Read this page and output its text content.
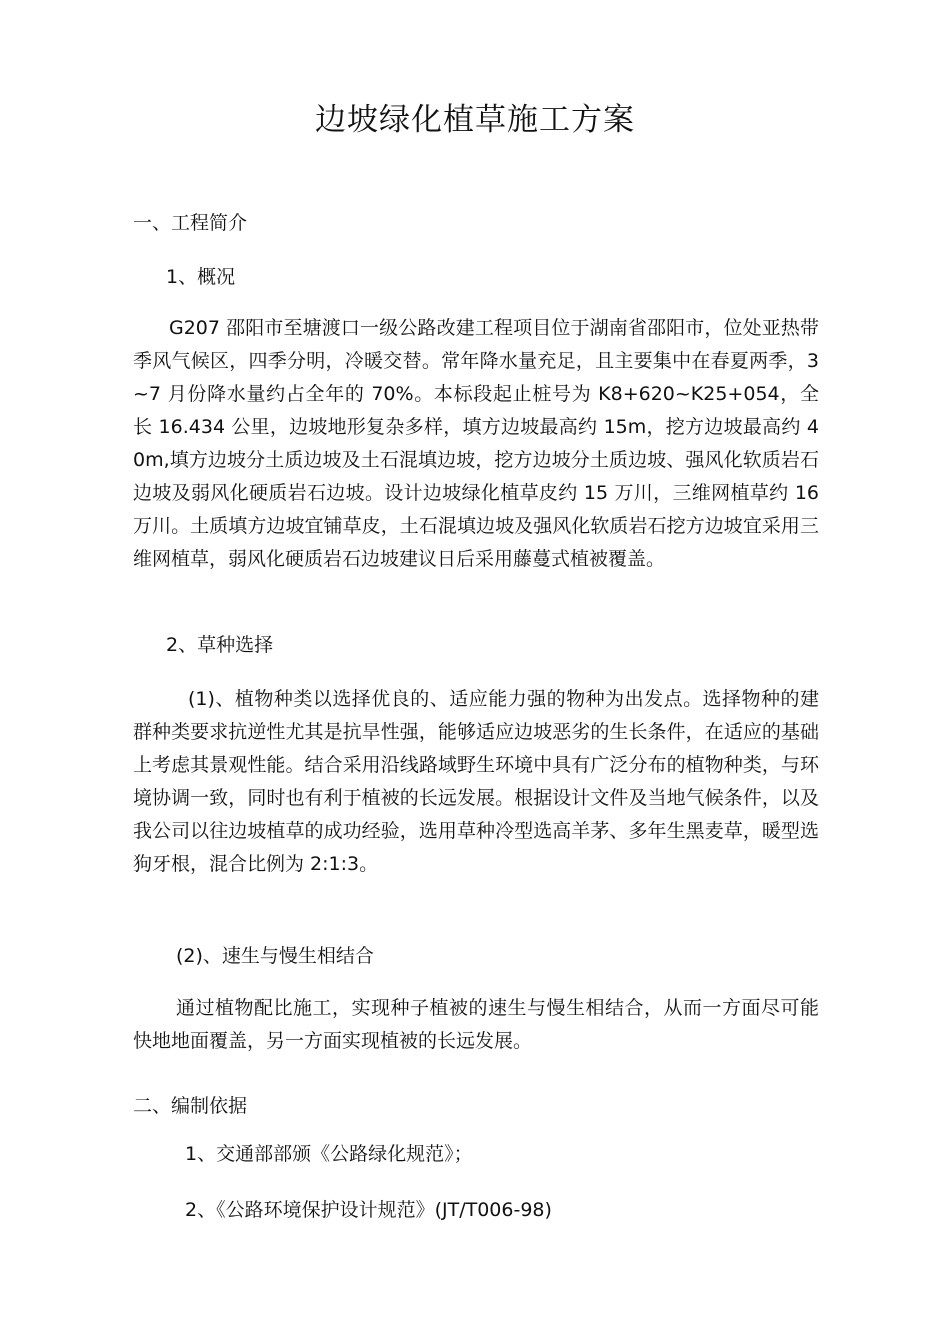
边坡绿化植草施工方案
一、工程简介
1、概况
G207 邵阳市至塘渡口一级公路改建工程项目位于湖南省邵阳市，位处亚热带季风气候区，四季分明，冷暖交替。常年降水量充足，且主要集中在春夏两季，3~7 月份降水量约占全年的 70%。本标段起止桩号为 K8+620~K25+054，全长 16.434 公里，边坡地形复杂多样，填方边坡最高约 15m，挖方边坡最高约 40m,填方边坡分土质边坡及土石混填边坡，挖方边坡分土质边坡、强风化软质岩石边坡及弱风化硬质岩石边坡。设计边坡绿化植草皮约 15 万川，三维网植草约 16 万川。土质填方边坡宜铺草皮，土石混填边坡及强风化软质岩石挖方边坡宜采用三维网植草，弱风化硬质岩石边坡建议日后采用藤蔓式植被覆盖。
2、草种选择
(1)、植物种类以选择优良的、适应能力强的物种为出发点。选择物种的建群种类要求抗逆性尤其是抗旱性强，能够适应边坡恶劣的生长条件，在适应的基础上考虑其景观性能。结合采用沿线路域野生环境中具有广泛分布的植物种类，与环境协调一致，同时也有利于植被的长远发展。根据设计文件及当地气候条件，以及我公司以往边坡植草的成功经验，选用草种冷型选高羊茅、多年生黑麦草，暖型选狗牙根，混合比例为 2:1:3。
(2)、速生与慢生相结合
通过植物配比施工，实现种子植被的速生与慢生相结合，从而一方面尽可能快地地面覆盖，另一方面实现植被的长远发展。
二、编制依据
1、交通部部颁《公路绿化规范》；
2、《公路环境保护设计规范》(JT/T006-98)
